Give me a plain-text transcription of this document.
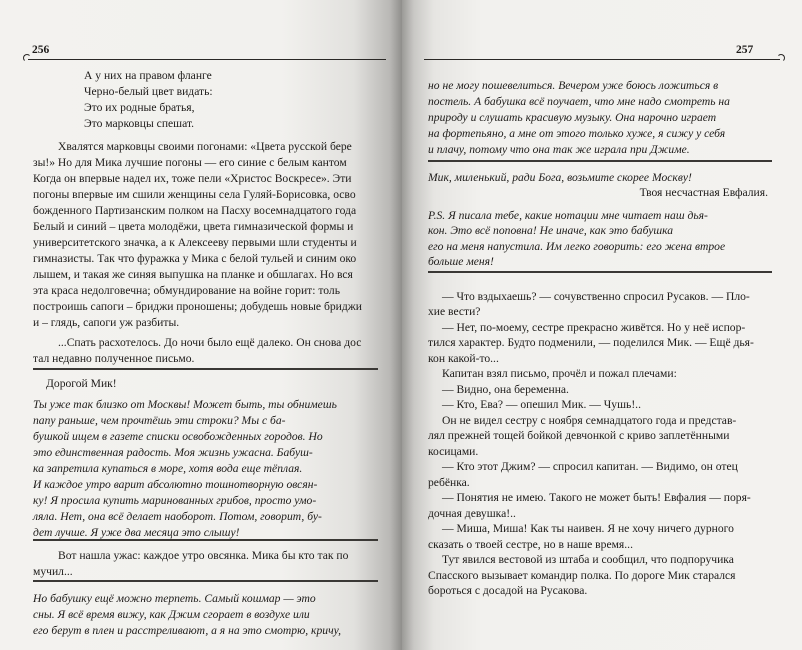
256
А у них на правом фланге
Черно-белый цвет видать:
Это их родные братья,
Это марковцы спешат.
Хвалятся марковцы своими погонами: «Цвета русской бере
зы!» Но для Мика лучшие погоны — его синие с белым кантом
Когда он впервые надел их, тоже пели «Христос Воскресе». Эти
погоны впервые им сшили женщины села Гуляй-Борисовка, осво
божденного Партизанским полком на Пасху восемнадцатого года
Белый и синий – цвета молодёжи, цвета гимназической формы и
университетского значка, а к Алексееву первыми шли студенты и
гимназисты. Так что фуражка у Мика с белой тульей и синим око
лышем, и такая же синяя выпушка на планке и обшлагах. Но вся
эта краса недолговечна; обмундирование на войне горит: толь
построишь сапоги – бриджи проношены; добудешь новые бриджи
и – глядь, сапоги уж разбиты.
...Спать расхотелось. До ночи было ещё далеко. Он снова дос
тал недавно полученное письмо.
Дорогой Мик!
Ты уже так близко от Москвы! Может быть, ты обнимешь
папу раньше, чем прочтёшь эти строки? Мы с ба-
бушкой ищем в газете списки освобожденных городов. Но
это единственная радость. Моя жизнь ужасна. Бабуш-
ка запретила купаться в море, хотя вода еще тёплая.
И каждое утро варит абсолютно тошнотворную овсян-
ку! Я просила купить маринованных грибов, просто умо-
ляла. Нет, она всё делает наоборот. Потом, говорит, бу-
дет лучше. Я уже два месяца это слышу!
Вот нашла ужас: каждое утро овсянка. Мика бы кто так по
мучил...
Но бабушку ещё можно терпеть. Самый кошмар — это
сны. Я всё время вижу, как Джим сгорает в воздухе или
его берут в плен и расстреливают, а я на это смотрю, кричу,
257
но не могу пошевелиться. Вечером уже боюсь ложиться в
постель. А бабушка всё поучает, что мне надо смотреть на
природу и слушать красивую музыку. Она нарочно играет
на фортепьяно, а мне от этого только хуже, я сижу у себя
и плачу, потому что она так же играла при Джиме.
Мик, миленький, ради Бога, возьмите скорее Москву!
Твоя несчастная Евфалия.
P.S. Я писала тебе, какие нотации мне читает наш дья-
кон. Это всё поповна! Не иначе, как это бабушка
его на меня напустила. Им легко говорить: его жена втрое
больше меня!
— Что вздыхаешь? — сочувственно спросил Русаков. — Пло-
хие вести?
— Нет, по-моему, сестре прекрасно живётся. Но у неё испор-
тился характер. Будто подменили, — поделился Мик. — Ещё дья-
кон какой-то...
Капитан взял письмо, прочёл и пожал плечами:
— Видно, она беременна.
— Кто, Ева? — опешил Мик. — Чушь!..
Он не видел сестру с ноября семнадцатого года и представ-
лял прежней тощей бойкой девчонкой с криво заплетёнными
косицами.
— Кто этот Джим? — спросил капитан. — Видимо, он отец
ребёнка.
— Понятия не имею. Такого не может быть! Евфалия — поря-
дочная девушка!..
— Миша, Миша! Как ты наивен. Я не хочу ничего дурного
сказать о твоей сестре, но в наше время...
Тут явился вестовой из штаба и сообщил, что подпоручика
Спасского вызывает командир полка. По дороге Мик старался
бороться с досадой на Русакова.
